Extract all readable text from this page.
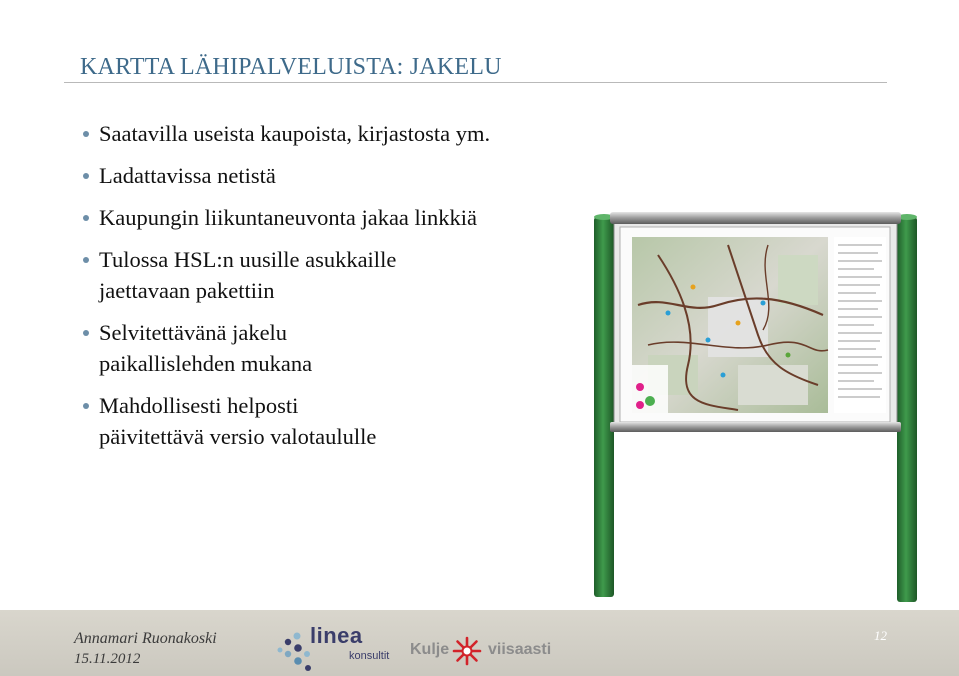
KARTTA LÄHIPALVELUISTA: JAKELU
Saatavilla useista kaupoista, kirjastosta ym.
Ladattavissa netistä
Kaupungin liikuntaneuvonta jakaa linkkiä
Tulossa HSL:n uusille asukkaille
jaettavaan pakettiin
Selvitettävänä jakelu
paikallislehden mukana
Mahdollisesti helposti
päivitettävä versio valotaululle
Annamari Ruonakoski
15.11.2012
linea
konsultit Kulje viisaasti
12
